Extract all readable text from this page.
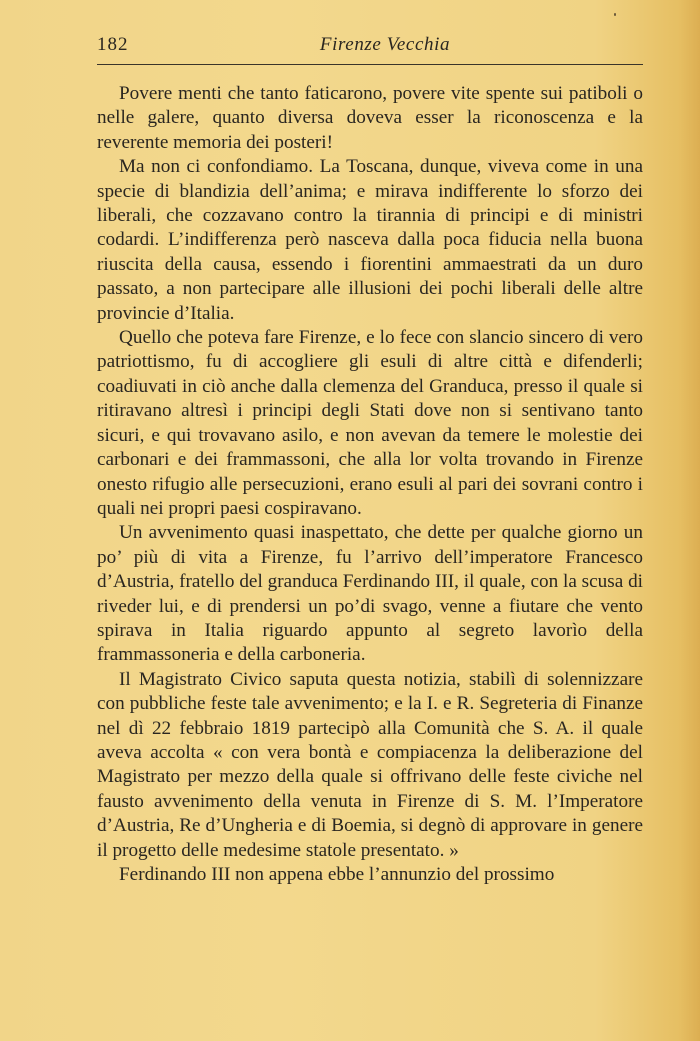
182	Firenze Vecchia

Povere menti che tanto faticarono, povere vite spente sui patiboli o nelle galere, quanto diversa doveva esser la riconoscenza e la reverente memoria dei posteri!

Ma non ci confondiamo. La Toscana, dunque, viveva come in una specie di blandizia dell’anima; e mirava indifferente lo sforzo dei liberali, che cozzavano contro la tirannia di principi e di ministri codardi. L’indifferenza però nasceva dalla poca fiducia nella buona riuscita della causa, essendo i fiorentini ammaestrati da un duro passato, a non partecipare alle illusioni dei pochi liberali delle altre provincie d’Italia.

Quello che poteva fare Firenze, e lo fece con slancio sincero di vero patriottismo, fu di accogliere gli esuli di altre città e difenderli; coadiuvati in ciò anche dalla clemenza del Granduca, presso il quale si ritiravano altresì i principi degli Stati dove non si sentivano tanto sicuri, e qui trovavano asilo, e non avevan da temere le molestie dei carbonari e dei frammassoni, che alla lor volta trovando in Firenze onesto rifugio alle persecuzioni, erano esuli al pari dei sovrani contro i quali nei propri paesi cospiravano.

Un avvenimento quasi inaspettato, che dette per qualche giorno un po’ più di vita a Firenze, fu l’arrivo dell’imperatore Francesco d’Austria, fratello del granduca Ferdinando III, il quale, con la scusa di riveder lui, e di prendersi un po’di svago, venne a fiutare che vento spirava in Italia riguardo appunto al segreto lavorìo della frammassoneria e della carboneria.

Il Magistrato Civico saputa questa notizia, stabilì di solennizzare con pubbliche feste tale avvenimento; e la I. e R. Segreteria di Finanze nel dì 22 febbraio 1819 partecipò alla Comunità che S. A. il quale aveva accolta « con vera bontà e compiacenza la deliberazione del Magistrato per mezzo della quale si offrivano delle feste civiche nel fausto avvenimento della venuta in Firenze di S. M. l’Imperatore d’Austria, Re d’Ungheria e di Boemia, si degnò di approvare in genere il progetto delle medesime statole presentato. »

Ferdinando III non appena ebbe l’annunzio del prossimo
